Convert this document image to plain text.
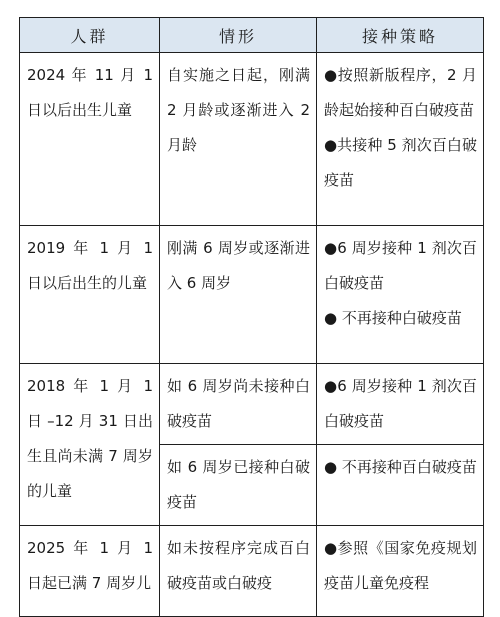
人群	情形	接种策略
2024 年 11 月 1 日以后出生儿童	自实施之日起，刚满 2 月龄或逐渐进入 2 月龄	●按照新版程序，2 月龄起始接种百白破疫苗

●共接种 5 剂次百白破疫苗

2019 年 1 月 1 日以后出生的儿童	刚满 6 周岁或逐渐进入 6 周岁	●6 周岁接种 1 剂次百白破疫苗

● 不再接种白破疫苗

2018 年 1 月 1 日 –12 月 31 日出生且尚未满 7 周岁的儿童	如 6 周岁尚未接种白破疫苗	●6 周岁接种 1 剂次百白破疫苗

	如 6 周岁已接种白破疫苗	● 不再接种百白破疫苗

2025 年 1 月 1 日起已满 7 周岁儿	如未按程序完成百白破疫苗或白破疫	●参照《国家免疫规划疫苗儿童免疫程
